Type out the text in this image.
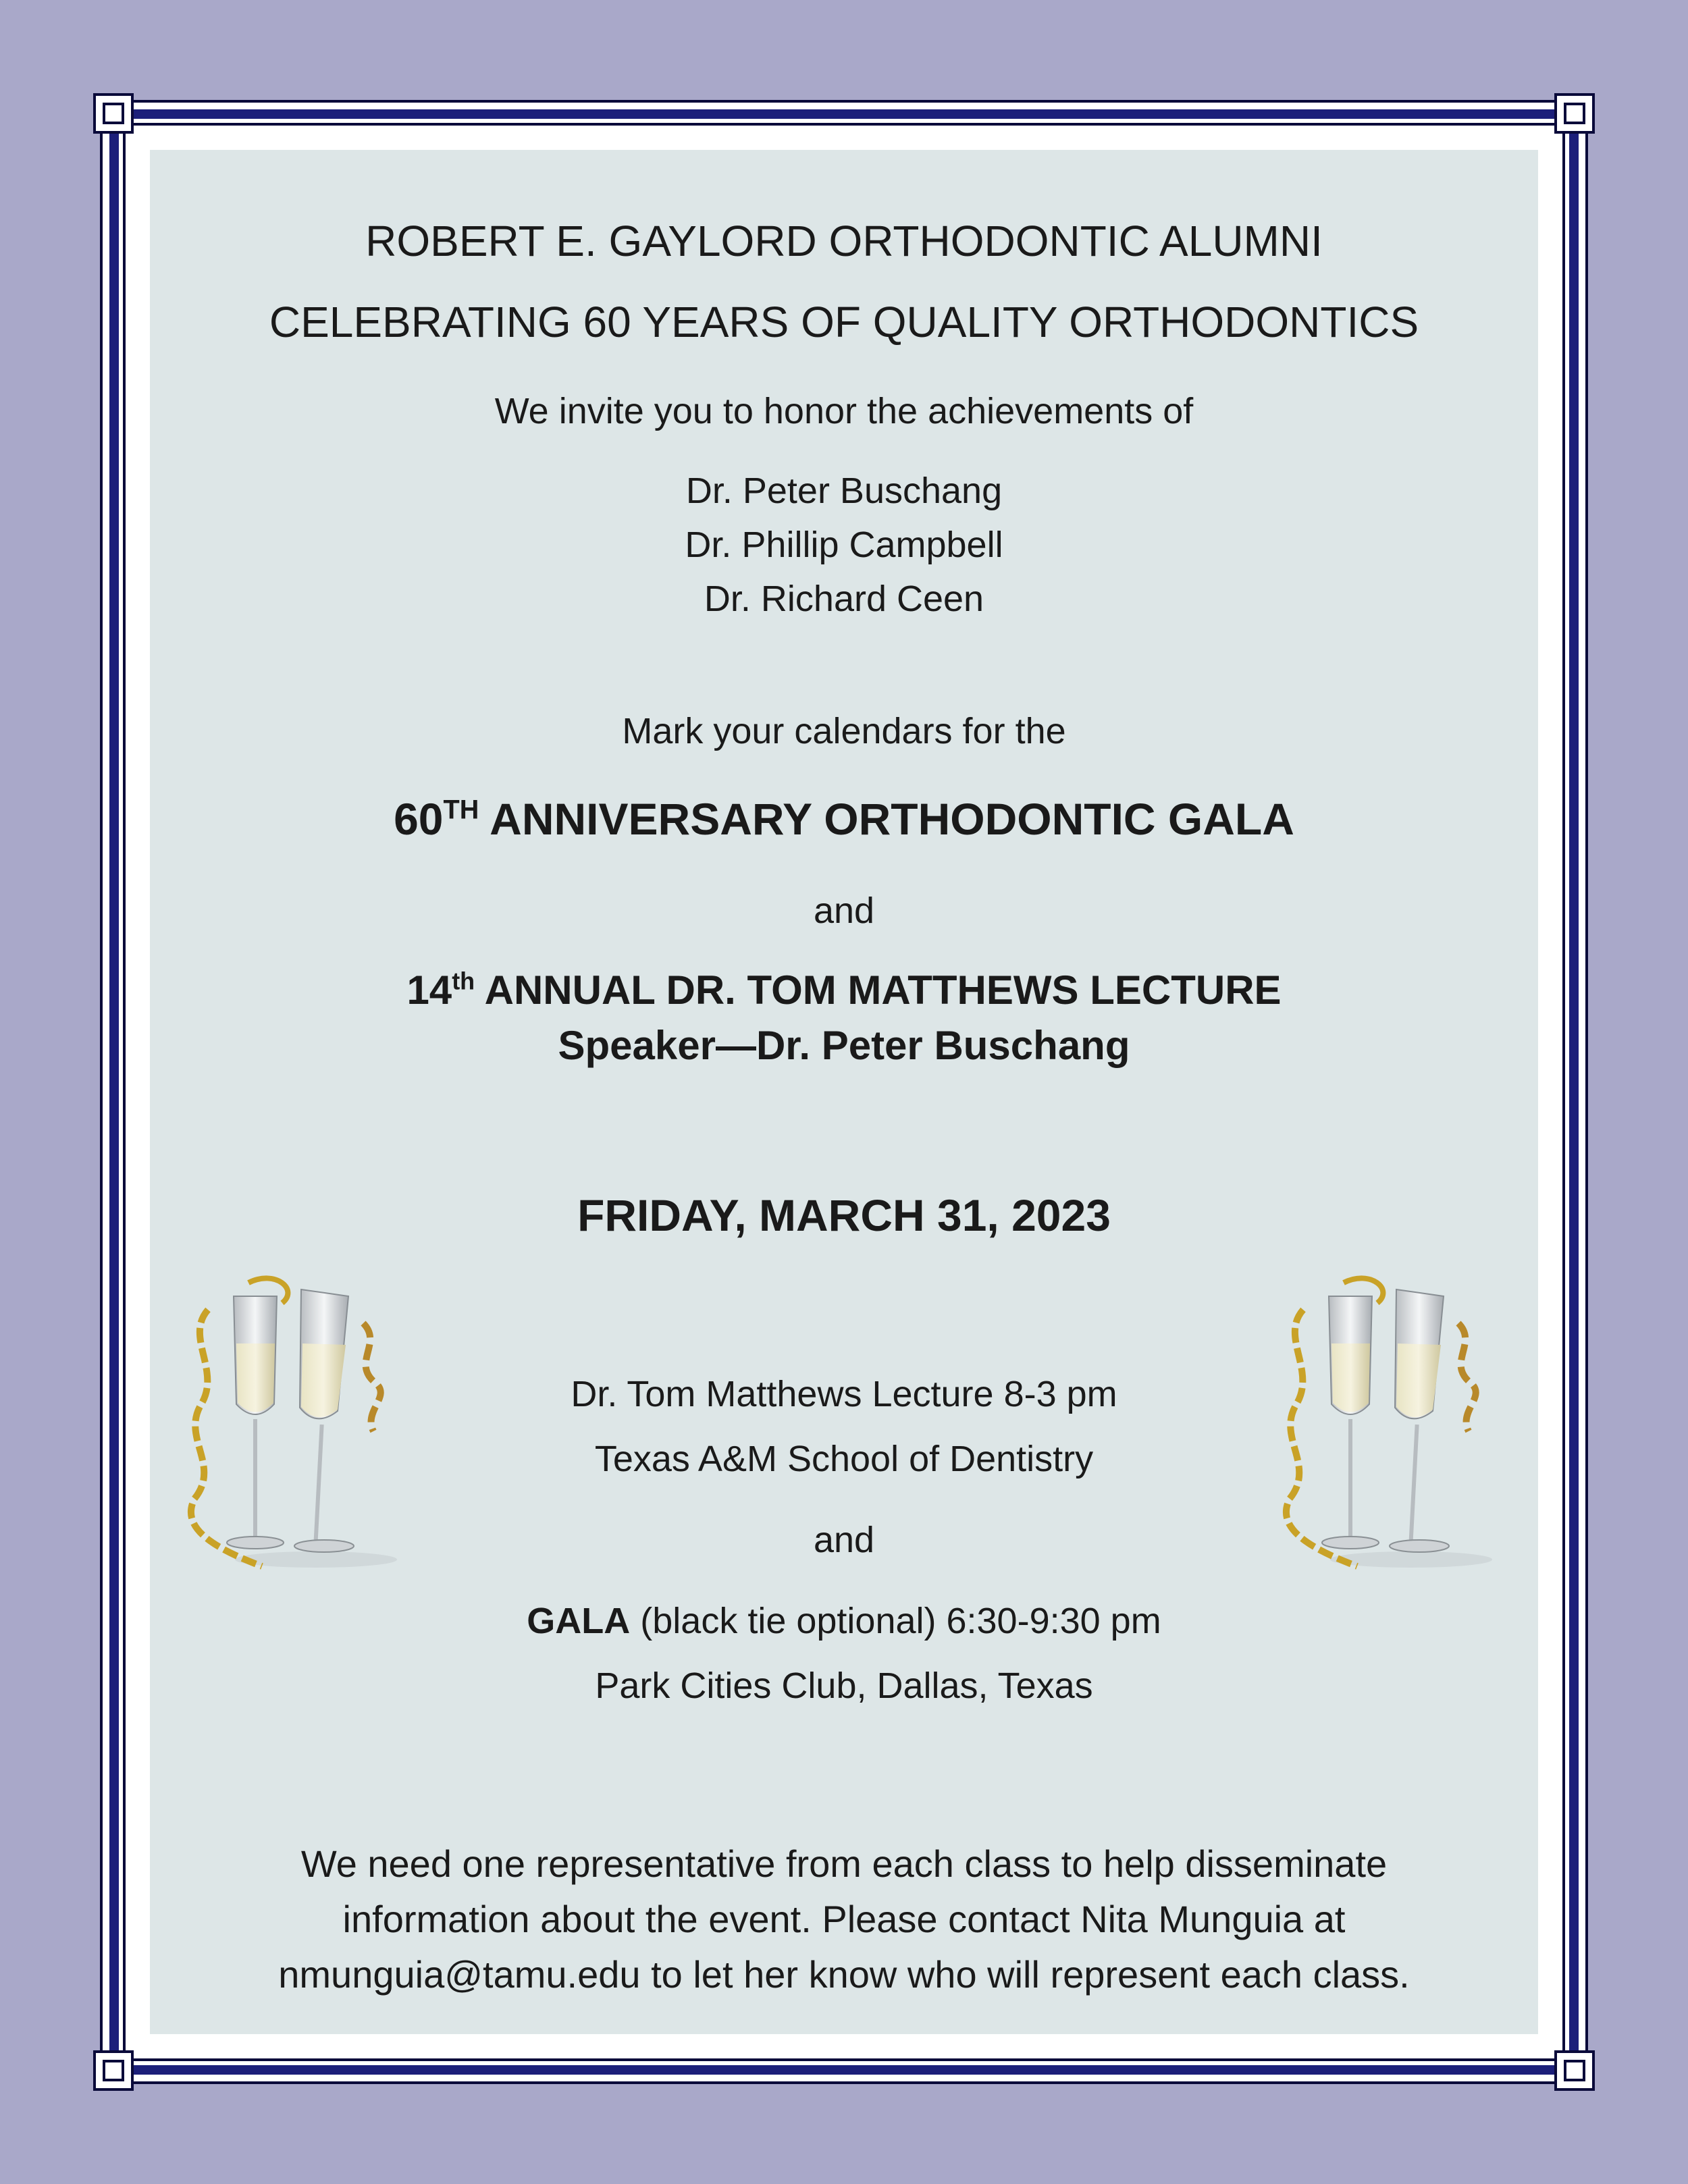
ROBERT E. GAYLORD ORTHODONTIC ALUMNI
CELEBRATING 60 YEARS OF QUALITY ORTHODONTICS
We invite you to honor the achievements of
Dr. Peter Buschang
Dr. Phillip Campbell
Dr. Richard Ceen
Mark your calendars for the
60TH ANNIVERSARY ORTHODONTIC GALA
and
14th ANNUAL DR. TOM MATTHEWS LECTURE
Speaker—Dr. Peter Buschang
FRIDAY, MARCH 31, 2023
Dr. Tom Matthews Lecture 8-3 pm
Texas A&M School of Dentistry
and
GALA (black tie optional) 6:30-9:30 pm
Park Cities Club, Dallas, Texas
We need one representative from each class to help disseminate
information about the event. Please contact Nita Munguia at
nmunguia@tamu.edu to let her know who will represent each class.
